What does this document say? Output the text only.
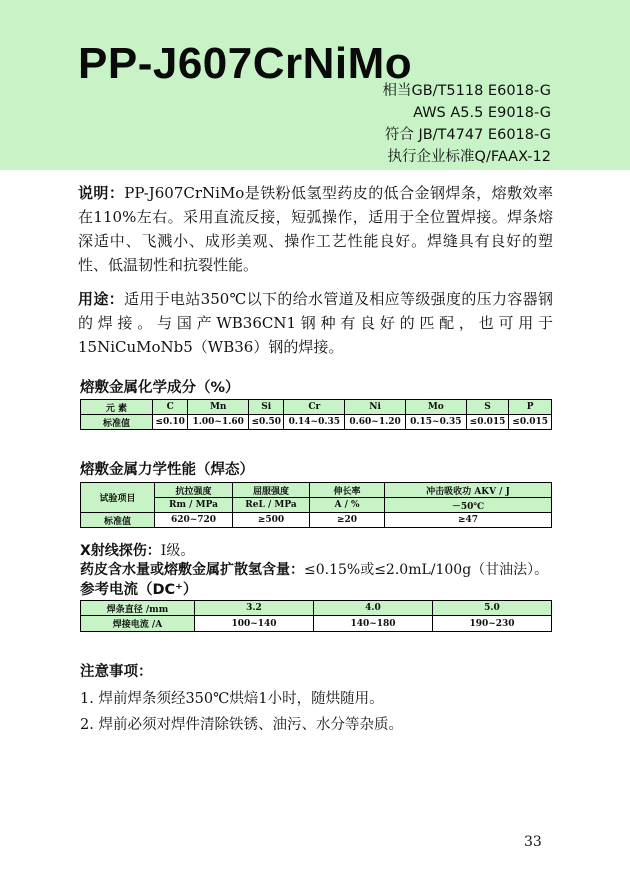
PP-J607CrNiMo
相当GB/T5118 E6018-G
AWS A5.5 E9018-G
符合 JB/T4747 E6018-G
执行企业标准Q/FAAX-12

说明：PP-J607CrNiMo是铁粉低氢型药皮的低合金钢焊条，熔敷效率在110%左右。采用直流反接，短弧操作，适用于全位置焊接。焊条熔深适中、飞溅小、成形美观、操作工艺性能良好。焊缝具有良好的塑性、低温韧性和抗裂性能。

用途：适用于电站350℃以下的给水管道及相应等级强度的压力容器钢的焊接。与国产WB36CN1钢种有良好的匹配，也可用于15NiCuMoNb5（WB36）钢的焊接。

熔敷金属化学成分（%）

元 素	C	Mn	Si	Cr	Ni	Mo	S	P
标准值	≤0.10	1.00~1.60	≤0.50	0.14~0.35	0.60~1.20	0.15~0.35	≤0.015	≤0.015

熔敷金属力学性能（焊态）

试验项目	抗拉强度	屈服强度	伸长率	冲击吸收功 AKV / J
	Rm / MPa	ReL / MPa	A / %	－50℃
标准值	620~720	≥500	≥20	≥47

X射线探伤：Ⅰ级。

药皮含水量或熔敷金属扩散氢含量：≤0.15%或≤2.0mL/100g（甘油法）。

参考电流（DC⁺）

焊条直径 /mm	3.2	4.0	5.0
焊接电流 /A	100~140	140~180	190~230

注意事项：

1. 焊前焊条须经350℃烘焙1小时，随烘随用。

2. 焊前必须对焊件清除铁锈、油污、水分等杂质。

33
